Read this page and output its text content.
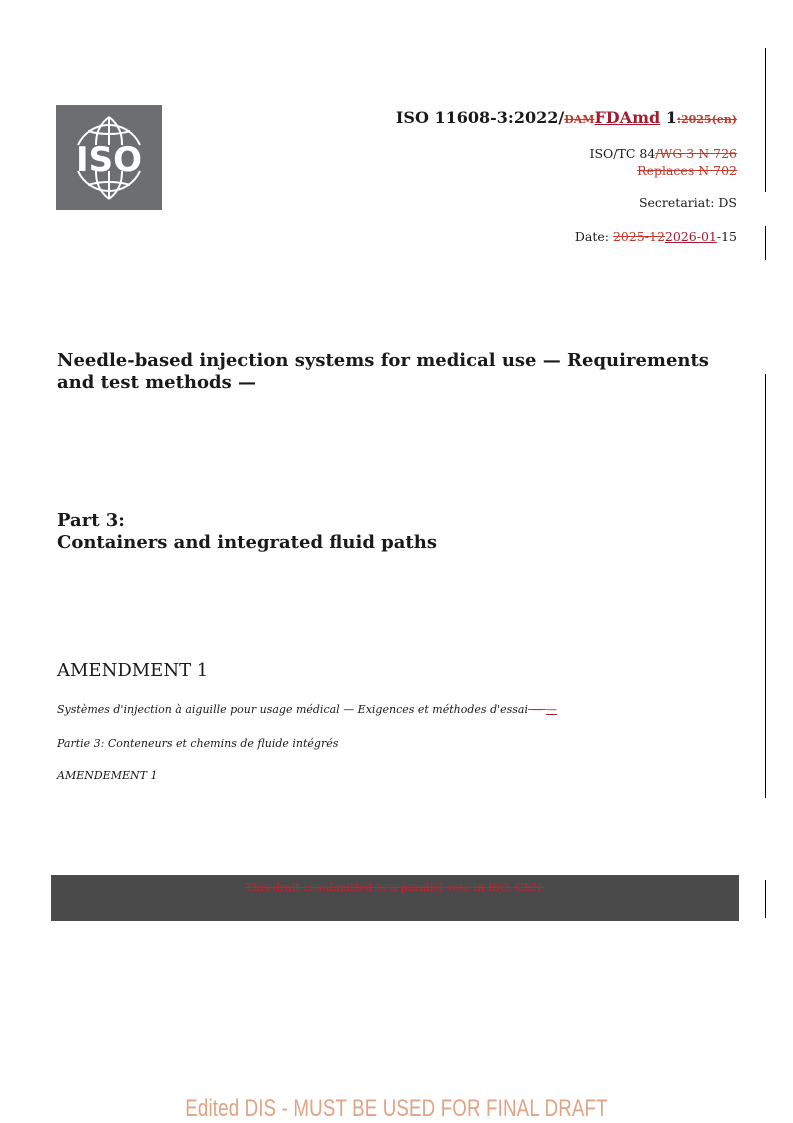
ISO
ISO 11608-3:2022/DAMFDAmd 1:2025(en)
ISO/TC 84/WG 3 N 726
Replaces N 702
Secretariat: DS
Date: 2025-122026-01-15
Needle-based injection systems for medical use — Requirements and test methods —
Part 3:
Containers and integrated fluid paths
AMENDMENT 1
Systèmes d'injection à aiguille pour usage médical — Exigences et méthodes d'essai — —
Partie 3: Conteneurs et chemins de fluide intégrés
AMENDEMENT 1
This draft is submitted to a parallel vote in ISO, CEN.
Edited DIS - MUST BE USED FOR FINAL DRAFT
